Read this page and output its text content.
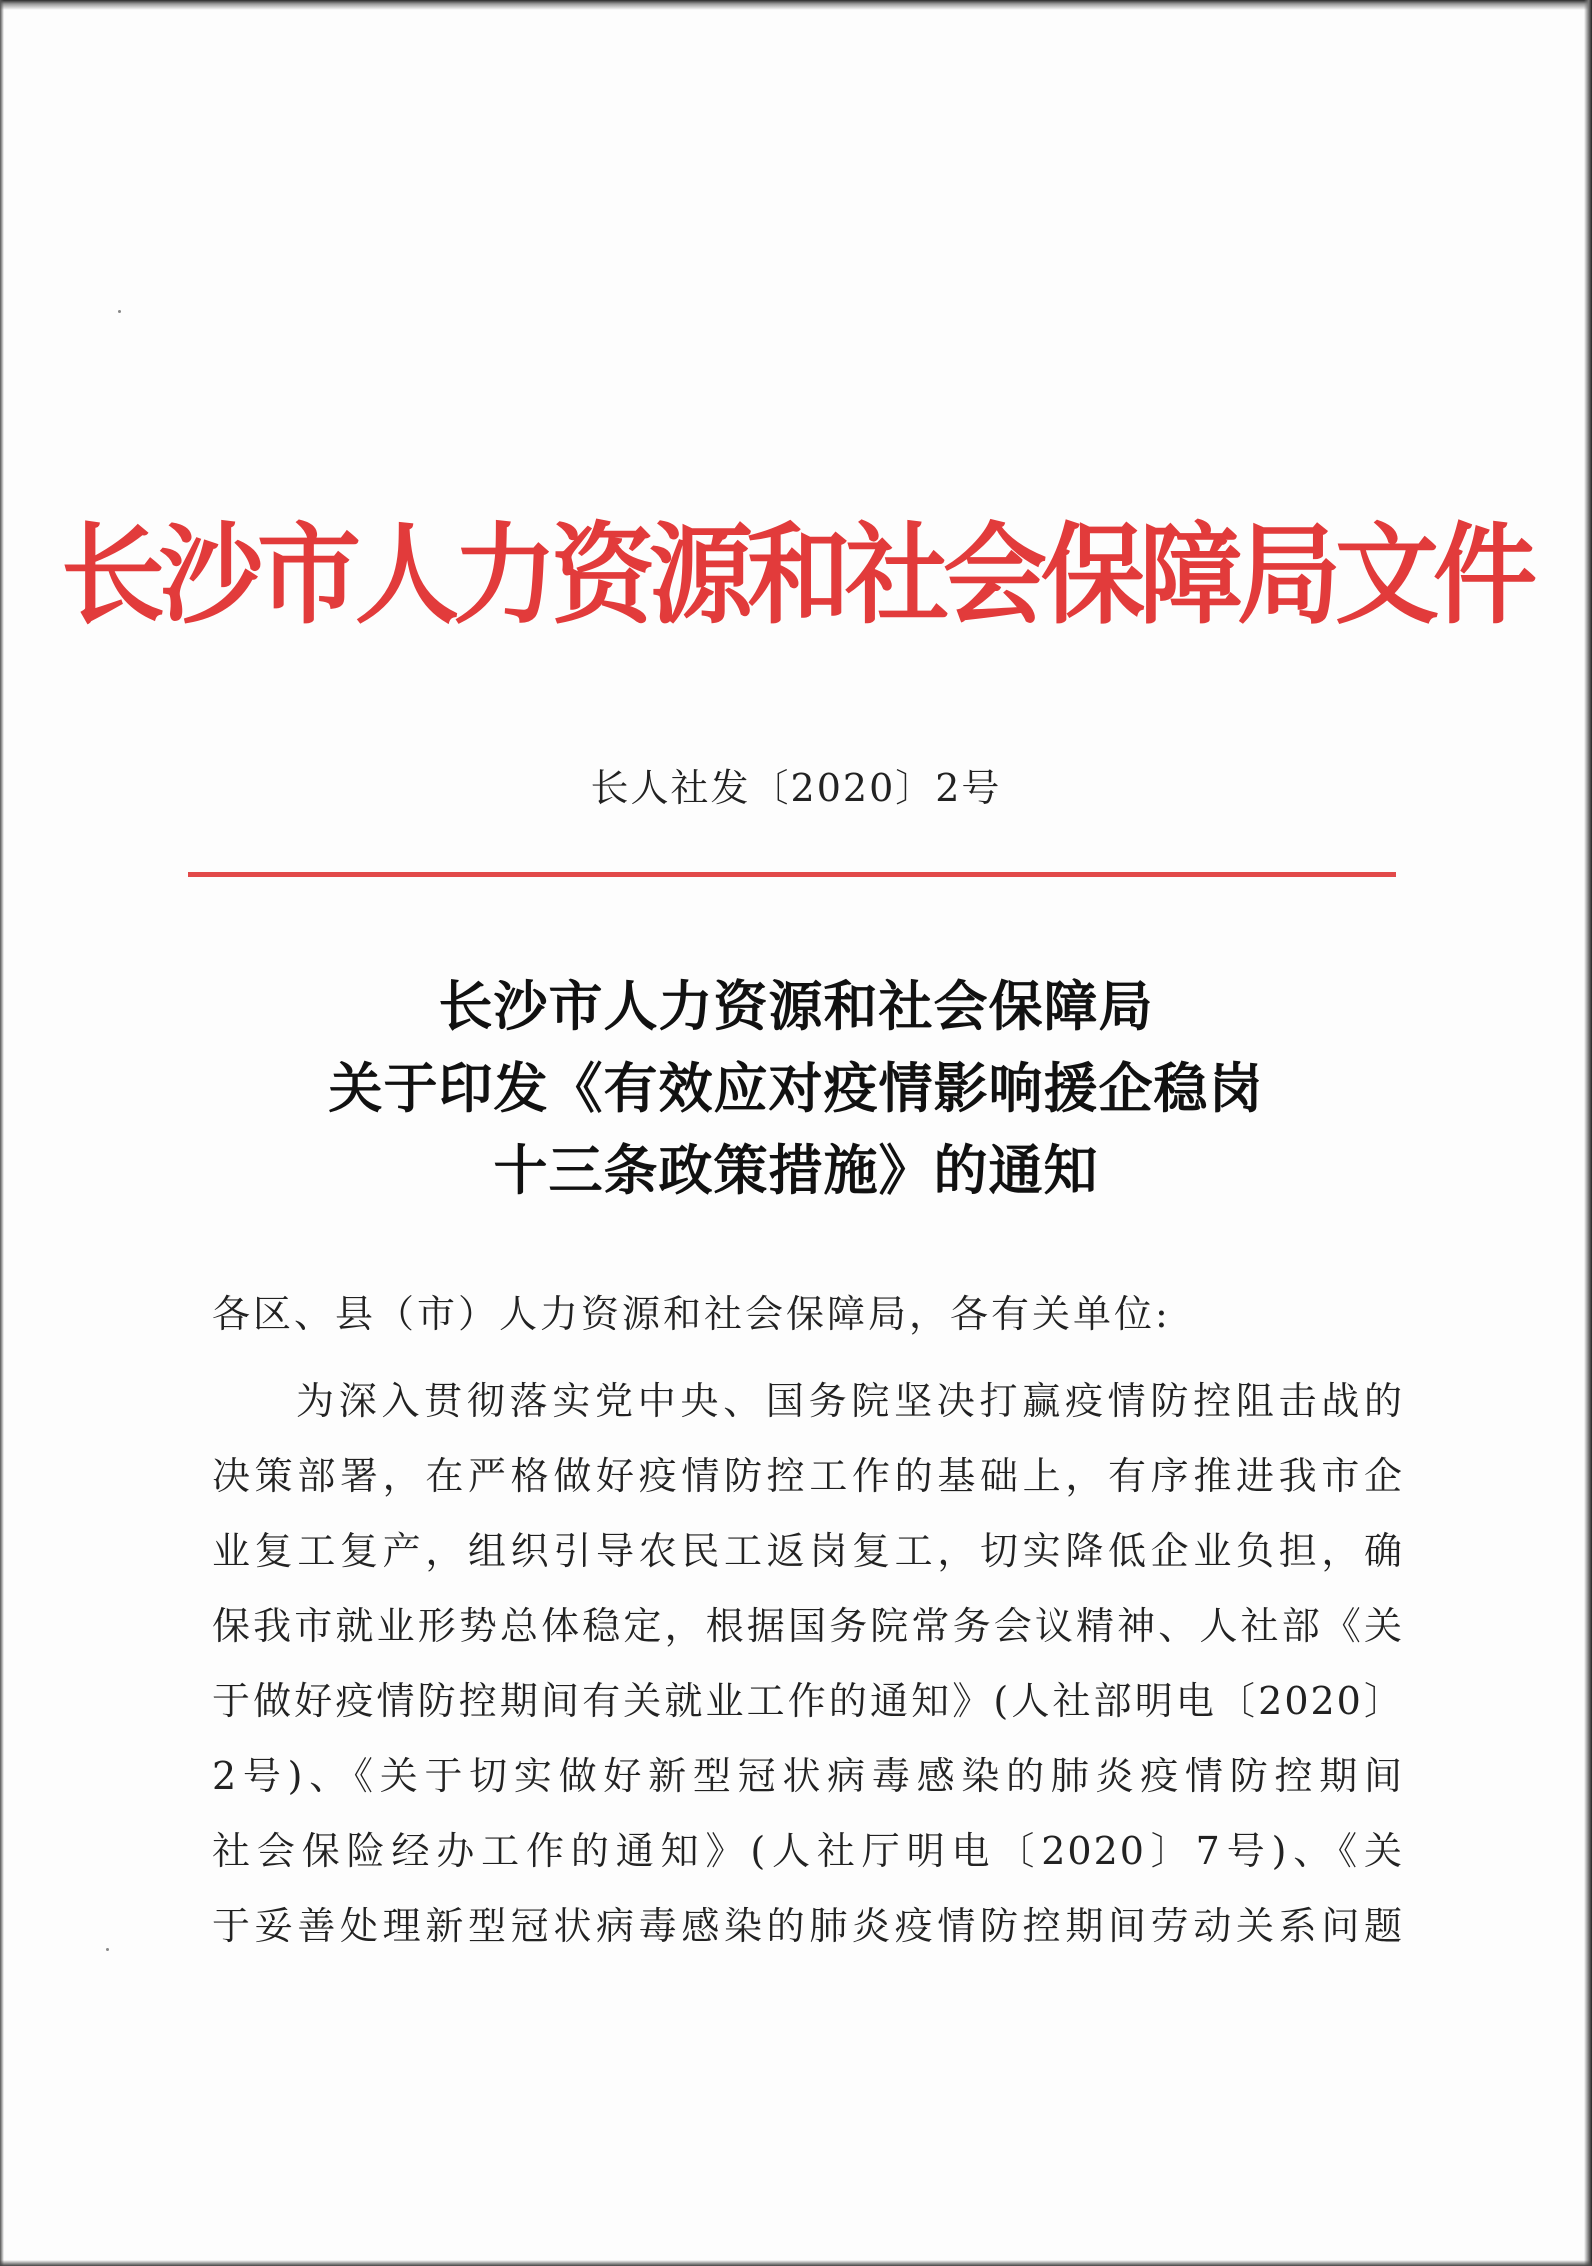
长沙市人力资源和社会保障局文件
长人社发〔2020〕2号
长沙市人力资源和社会保障局
关于印发《有效应对疫情影响援企稳岗
十三条政策措施》的通知
各区、县（市）人力资源和社会保障局，各有关单位:
为深入贯彻落实党中央、国务院坚决打赢疫情防控阻击战的
决策部署，在严格做好疫情防控工作的基础上，有序推进我市企
业复工复产，组织引导农民工返岗复工，切实降低企业负担，确
保我市就业形势总体稳定，根据国务院常务会议精神、人社部《关
于做好疫情防控期间有关就业工作的通知》(人社部明电〔2020〕
2号)、《关于切实做好新型冠状病毒感染的肺炎疫情防控期间
社会保险经办工作的通知》(人社厅明电〔2020〕7号)、《关
于妥善处理新型冠状病毒感染的肺炎疫情防控期间劳动关系问题
